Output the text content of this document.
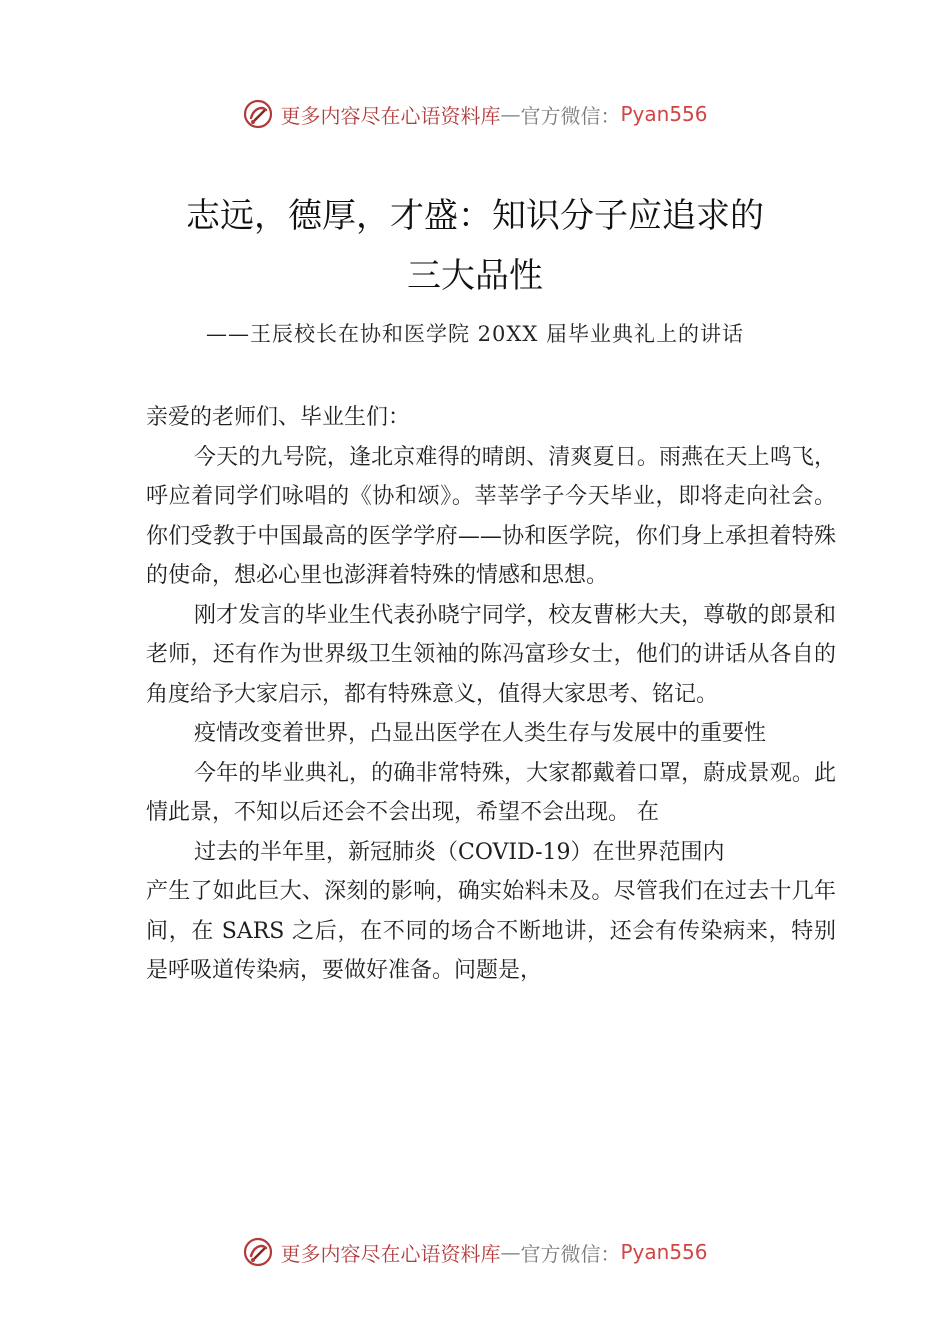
更多内容尽在心语资料库 — 官方微信： Pyan556
志远，德厚，才盛：知识分子应追求的
三大品性
——王辰校长在协和医学院 20XX 届毕业典礼上的讲话

亲爱的老师们、毕业生们：

今天的九号院，逢北京难得的晴朗、清爽夏日。雨燕在天上鸣飞，呼应着同学们咏唱的《协和颂》。莘莘学子今天毕业，即将走向社会。你们受教于中国最高的医学学府——协和医学院，你们身上承担着特殊的使命，想必心里也澎湃着特殊的情感和思想。

刚才发言的毕业生代表孙晓宁同学，校友曹彬大夫，尊敬的郎景和老师，还有作为世界级卫生领袖的陈冯富珍女士，他们的讲话从各自的角度给予大家启示，都有特殊意义，值得大家思考、铭记。

疫情改变着世界，凸显出医学在人类生存与发展中的重要性

今年的毕业典礼，的确非常特殊，大家都戴着口罩，蔚成景观。此情此景，不知以后还会不会出现，希望不会出现。 在

过去的半年里，新冠肺炎（COVID-19）在世界范围内

产生了如此巨大、深刻的影响，确实始料未及。尽管我们在过去十几年间，在 SARS 之后，在不同的场合不断地讲，还会有传染病来，特别是呼吸道传染病，要做好准备。问题是，

更多内容尽在心语资料库 — 官方微信： Pyan556
